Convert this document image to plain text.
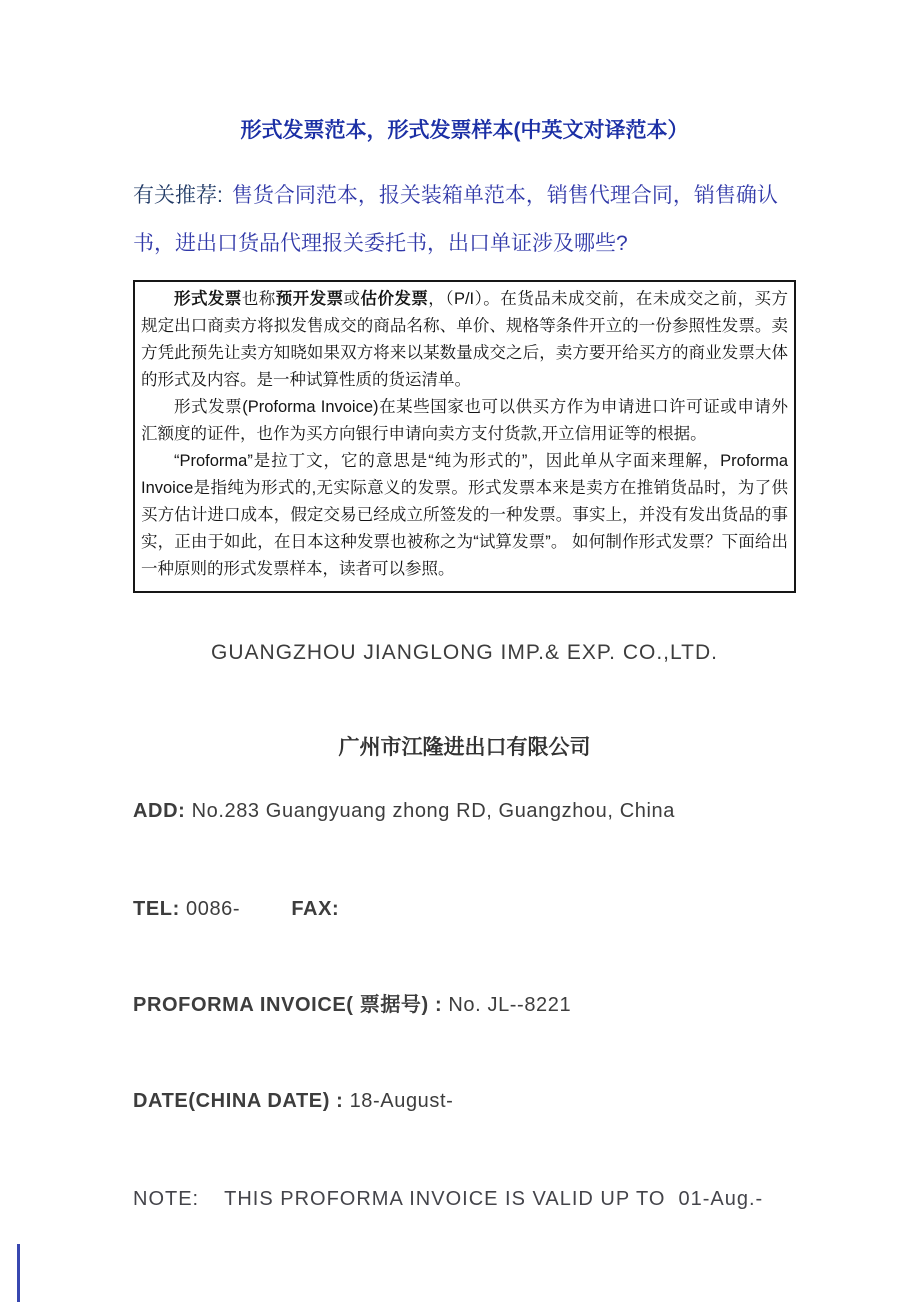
形式发票范本，形式发票样本(中英文对译范本）
有关推荐: 售货合同范本，报关装箱单范本，销售代理合同，销售确认书，进出口货品代理报关委托书，出口单证涉及哪些?

形式发票也称预开发票或估价发票，（P/I）。在货品未成交前，在未成交之前，买方规定出口商卖方将拟发售成交的商品名称、单价、规格等条件开立的一份参照性发票。卖方凭此预先让卖方知晓如果双方将来以某数量成交之后，卖方要开给买方的商业发票大体的形式及内容。是一种试算性质的货运清单。

形式发票(Proforma Invoice)在某些国家也可以供买方作为申请进口许可证或申请外汇额度的证件，也作为买方向银行申请向卖方支付货款,开立信用证等的根据。

“Proforma”是拉丁文，它的意思是“纯为形式的”，因此单从字面来理解，Proforma Invoice是指纯为形式的,无实际意义的发票。形式发票本来是卖方在推销货品时，为了供买方估计进口成本，假定交易已经成立所签发的一种发票。事实上，并没有发出货品的事实，正由于如此，在日本这种发票也被称之为“试算发票”。 如何制作形式发票？下面给出一种原则的形式发票样本，读者可以参照。

GUANGZHOU JIANGLONG IMP.& EXP. CO.,LTD.
广州市江隆进出口有限公司
ADD: No.283 Guangyuang zhong RD, Guangzhou, China
TEL: 0086-	FAX:
PROFORMA INVOICE( 票据号) : No. JL--8221
DATE(CHINA DATE) : 18-August-
NOTE: THIS PROFORMA INVOICE IS VALID UP TO  01-Aug.-
